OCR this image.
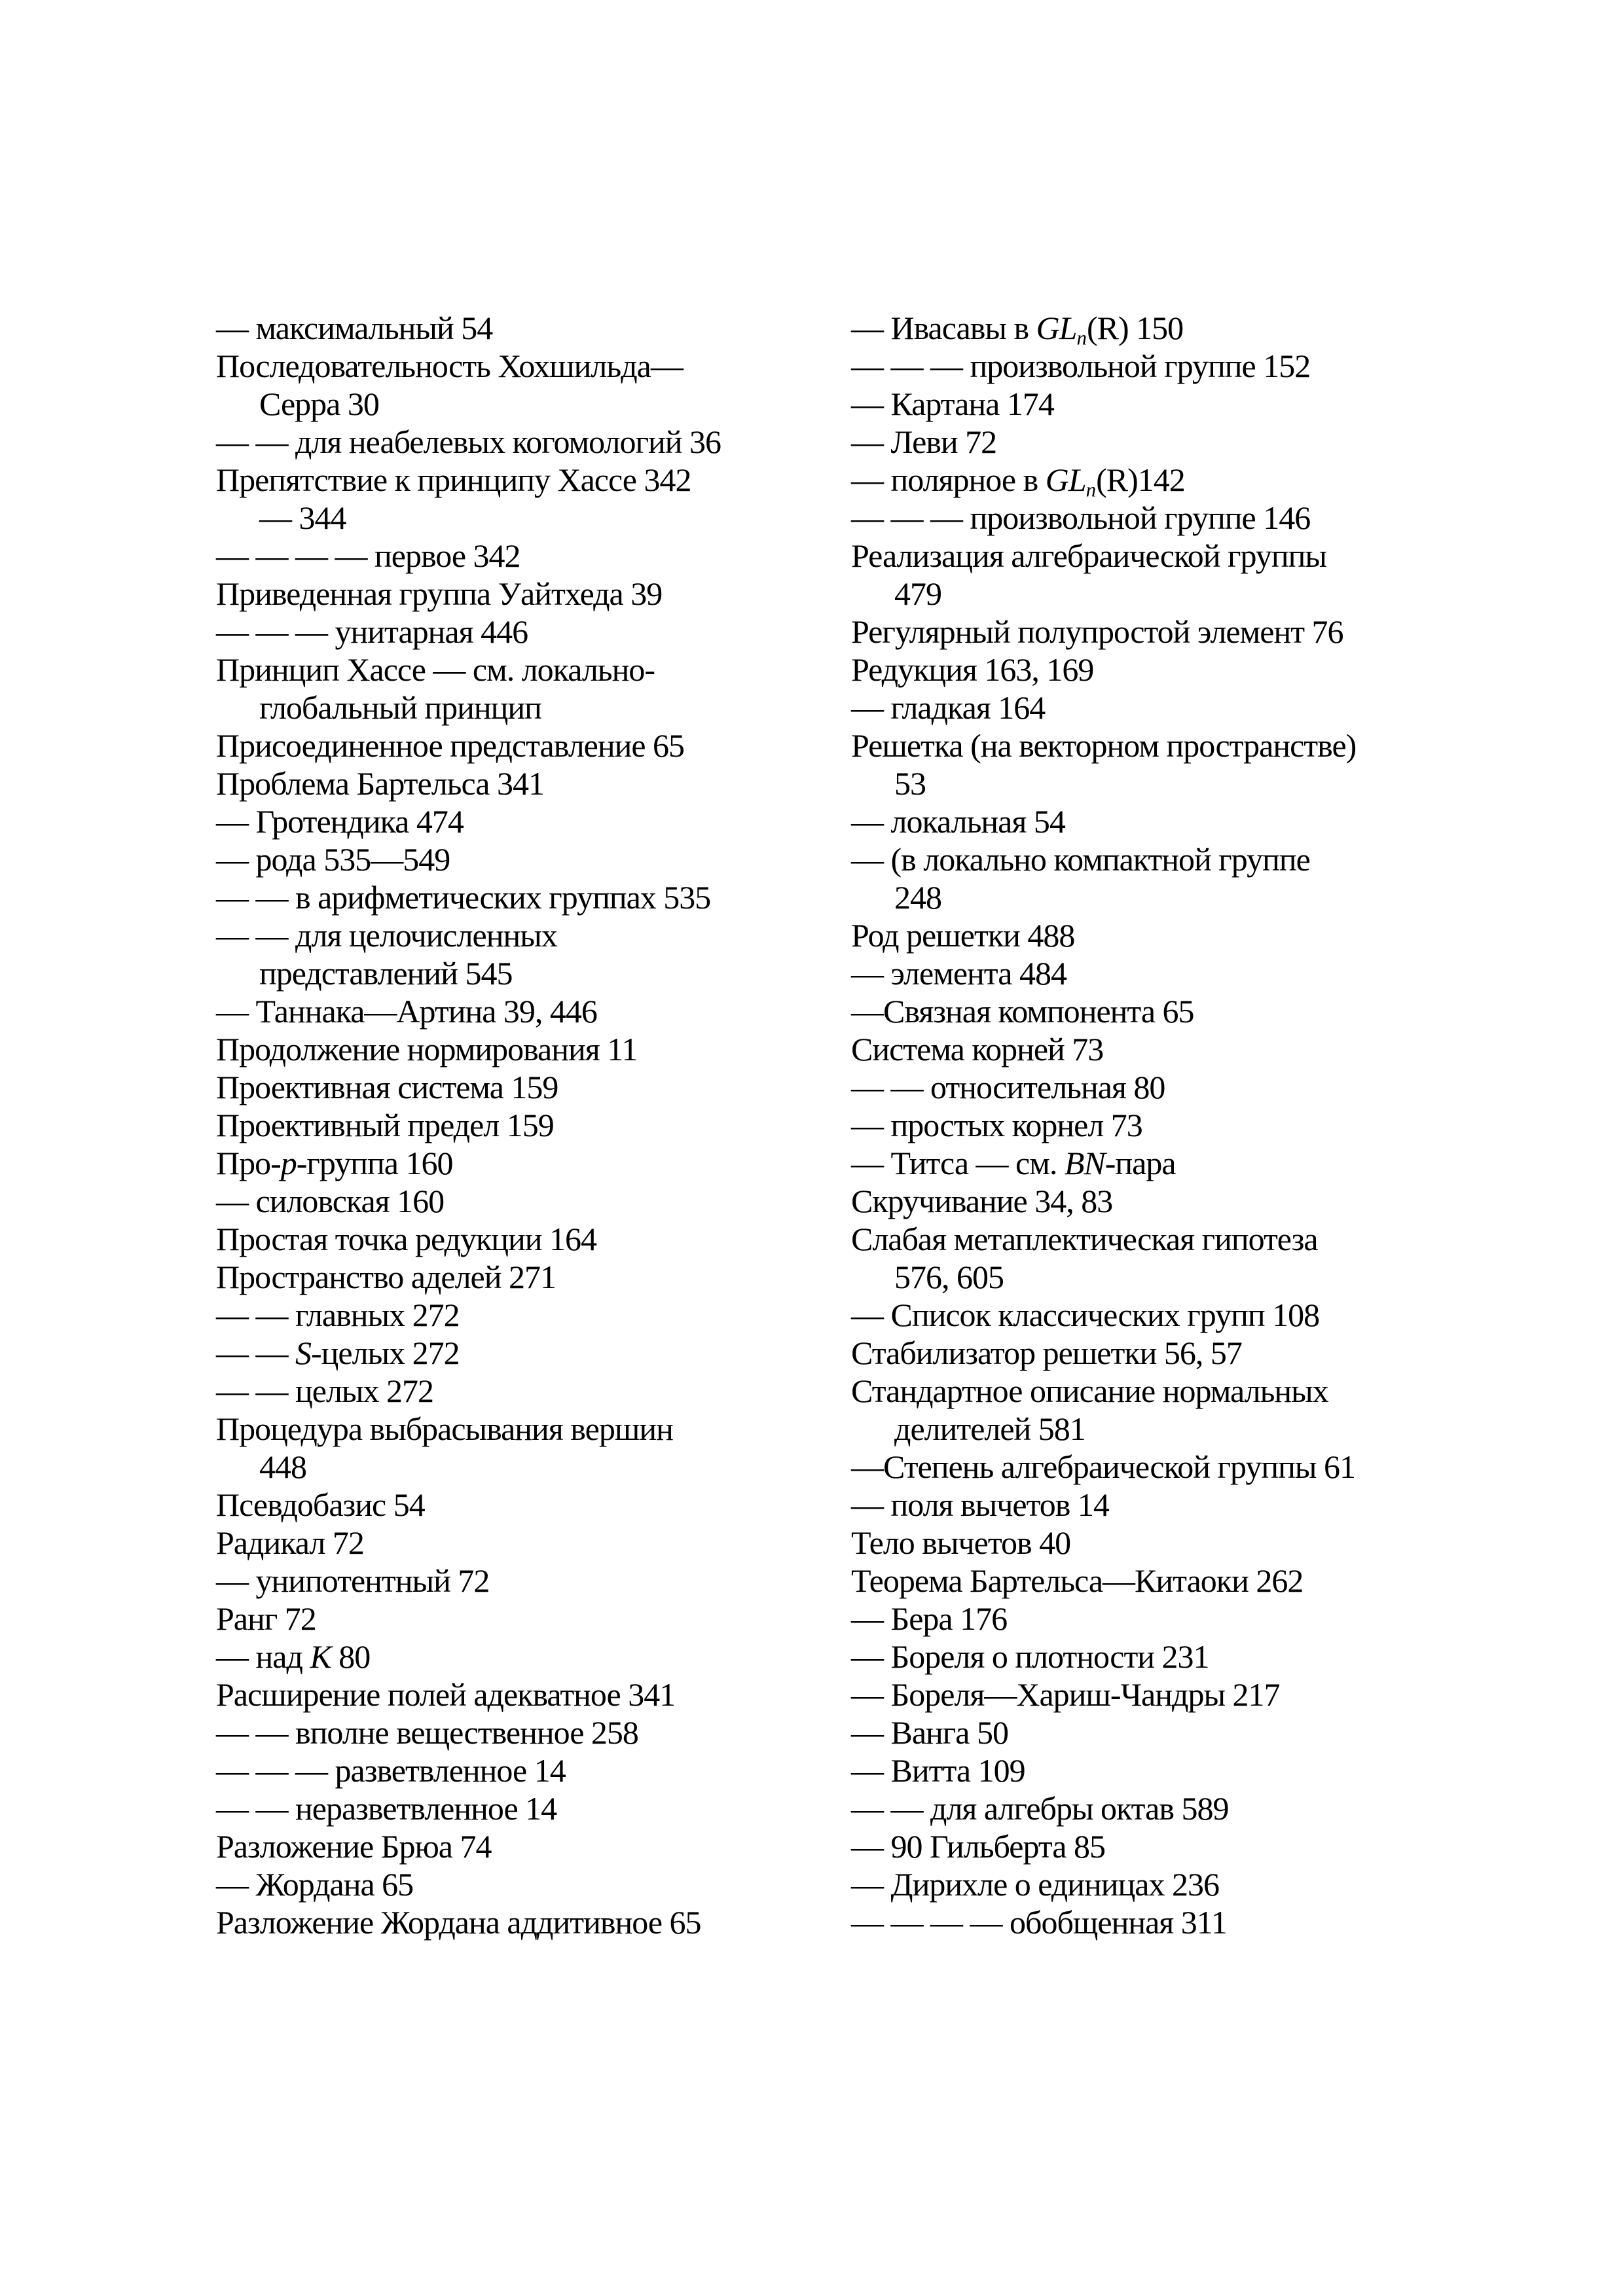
— максимальный 54
Последовательность Хохшильда—
Серра 30
— — для неабелевых когомологий 36
Препятствие к принципу Хассе 342
— 344
— — — — первое 342
Приведенная группа Уайтхеда 39
— — — унитарная 446
Принцип Хассе — см. локально-
глобальный принцип
Присоединенное представление 65
Проблема Бартельса 341
— Гротендика 474
— рода 535—549
— — в арифметических группах 535
— — для целочисленных
представлений 545
— Таннака—Артина 39, 446
Продолжение нормирования 11
Проективная система 159
Проективный предел 159
Про-p-группа 160
— силовская 160
Простая точка редукции 164
Пространство аделей 271
— — главных 272
— — S-целых 272
— — целых 272
Процедура выбрасывания вершин
448
Псевдобазис 54
Радикал 72
— унипотентный 72
Ранг 72
— над K 80
Расширение полей адекватное 341
— — вполне вещественное 258
— — — разветвленное 14
— — неразветвленное 14
Разложение Брюа 74
— Жордана 65
Разложение Жордана аддитивное 65
— Ивасавы в GLn(R) 150
— — — произвольной группе 152
— Картана 174
— Леви 72
— полярное в GLn(R)142
— — — произвольной группе 146
Реализация алгебраической группы
479
Регулярный полупростой элемент 76
Редукция 163, 169
— гладкая 164
Решетка (на векторном пространстве)
53
— локальная 54
— (в локально компактной группе
248
Род решетки 488
— элемента 484
—Связная компонента 65
Система корней 73
— — относительная 80
— простых корнел 73
— Титса — см. BN-пара
Скручивание 34, 83
Слабая метаплектическая гипотеза
576, 605
— Список классических групп 108
Стабилизатор решетки 56, 57
Стандартное описание нормальных
делителей 581
—Степень алгебраической группы 61
— поля вычетов 14
Тело вычетов 40
Теорема Бартельса—Китаоки 262
— Бера 176
— Бореля о плотности 231
— Бореля—Хариш-Чандры 217
— Ванга 50
— Витта 109
— — для алгебры октав 589
— 90 Гильберта 85
— Дирихле о единицах 236
— — — — обобщенная 311
